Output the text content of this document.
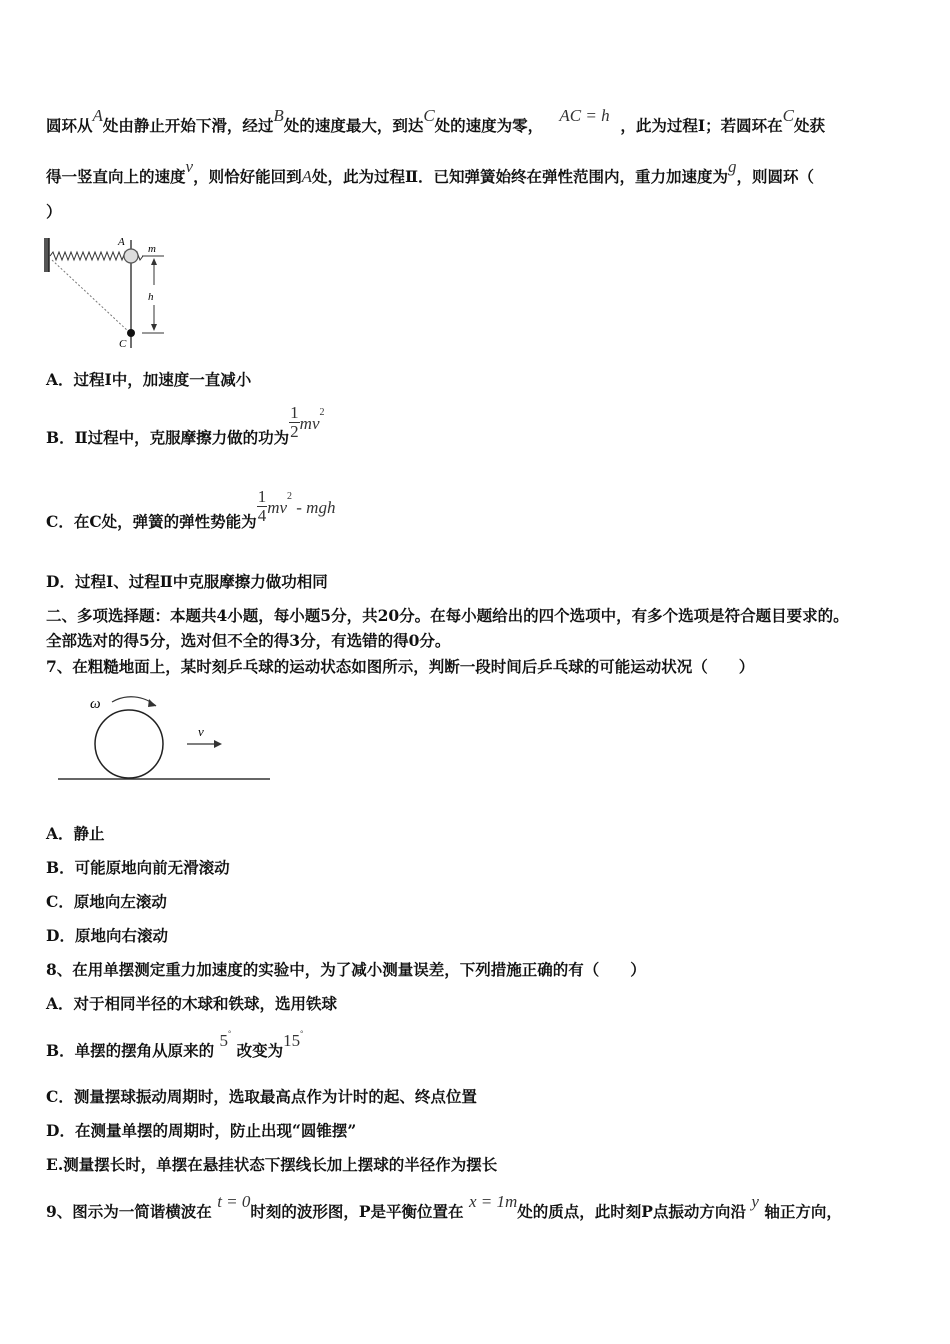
圆环从A处由静止开始下滑，经过B处的速度最大，到达C处的速度为零，   AC = h  ，此为过程Ⅰ；若圆环在C处获
得一竖直向上的速度v，则恰好能回到A处，此为过程Ⅱ．已知弹簧始终在弹性范围内，重力加速度为g，则圆环（
）
A
m
h
C
A．过程Ⅰ中，加速度一直减小
B．Ⅱ过程中，克服摩擦力做的功为 $\frac{1}{2} mv^2$
C．在C处，弹簧的弹性势能为 $\frac{1}{4} mv^2$ - mgh
D．过程Ⅰ、过程Ⅱ中克服摩擦力做功相同
二、多项选择题：本题共4小题，每小题5分，共20分。在每小题给出的四个选项中，有多个选项是符合题目要求的。
全部选对的得5分，选对但不全的得3分，有选错的得0分。
7、在粗糙地面上，某时刻乒乓球的运动状态如图所示，判断一段时间后乒乓球的可能运动状况（　　）
ω
v
A．静止
B．可能原地向前无滑滚动
C．原地向左滚动
D．原地向右滚动
8、在用单摆测定重力加速度的实验中，为了减小测量误差，下列措施正确的有（　　）
A．对于相同半径的木球和铁球，选用铁球
B．单摆的摆角从原来的 5° 改变为15°
C．测量摆球振动周期时，选取最高点作为计时的起、终点位置
D．在测量单摆的周期时，防止出现“圆锥摆”
E.测量摆长时，单摆在悬挂状态下摆线长加上摆球的半径作为摆长
9、图示为一简谐横波在 t = 0时刻的波形图，P是平衡位置在 x = 1m处的质点，此时刻P点振动方向沿 y 轴正方向，
